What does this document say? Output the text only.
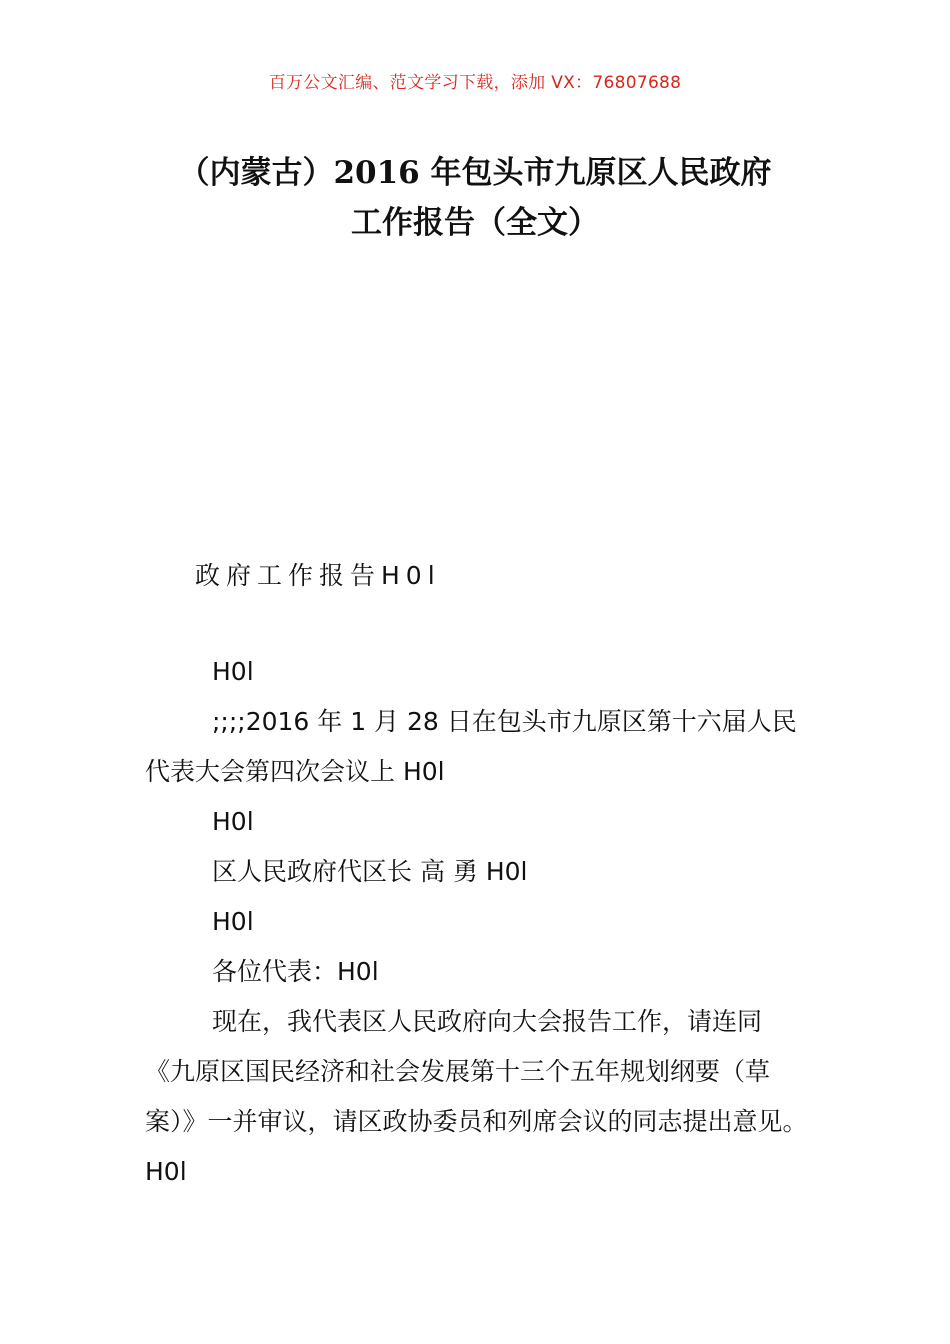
百万公文汇编、范文学习下载，添加 VX：76807688
（内蒙古）2016 年包头市九原区人民政府
工作报告（全文）
政府工作报告H0l

H0l

;;;;2016 年 1 月 28 日在包头市九原区第十六届人民代表大会第四次会议上 H0l

H0l

区人民政府代区长 高 勇 H0l

H0l

各位代表：H0l

现在，我代表区人民政府向大会报告工作，请连同《九原区国民经济和社会发展第十三个五年规划纲要（草案）》一并审议，请区政协委员和列席会议的同志提出意见。H0l
